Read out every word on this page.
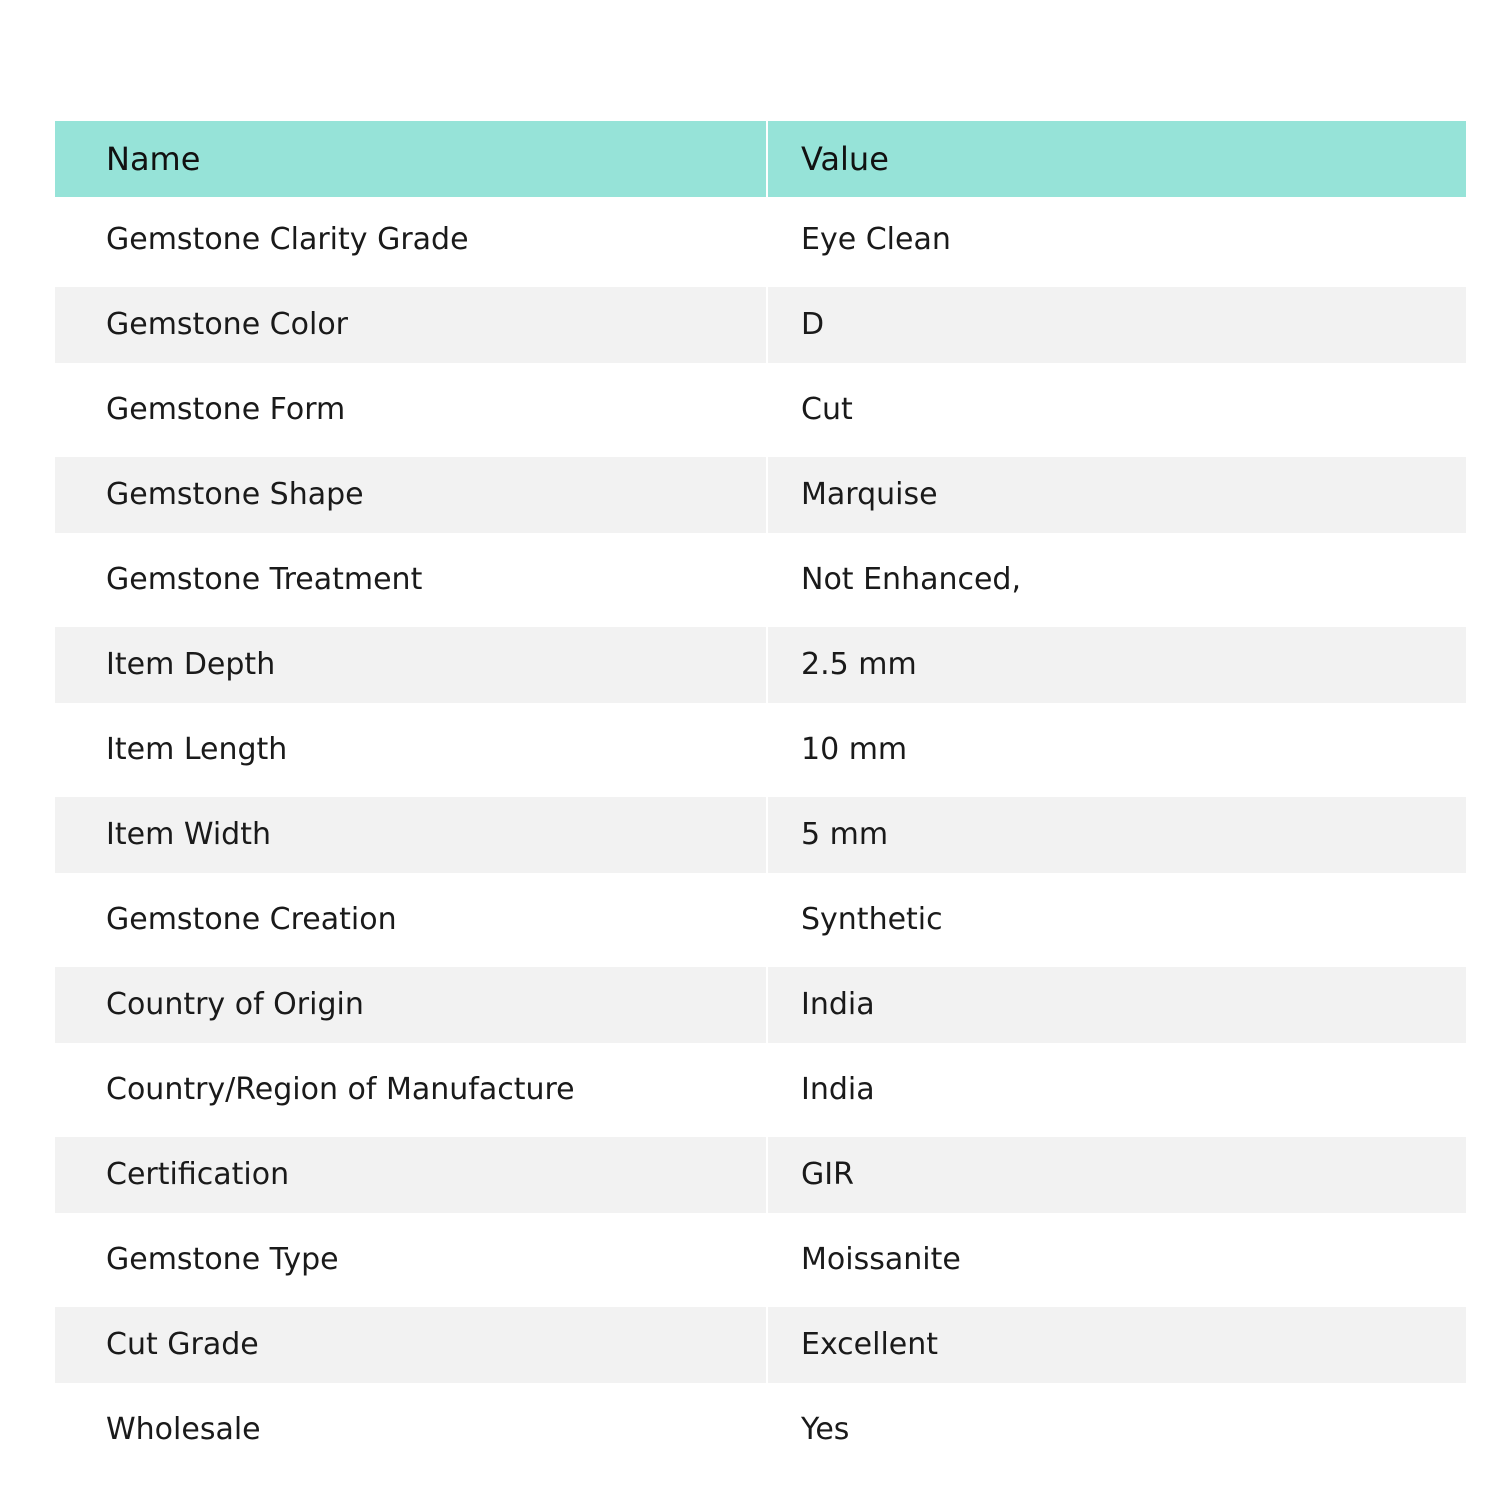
Name	Value
Gemstone Clarity Grade	Eye Clean
Gemstone Color	D
Gemstone Form	Cut
Gemstone Shape	Marquise
Gemstone Treatment	Not Enhanced,
Item Depth	2.5 mm
Item Length	10 mm
Item Width	5 mm
Gemstone Creation	Synthetic
Country of Origin	India
Country/Region of Manufacture	India
Certification	GIR
Gemstone Type	Moissanite
Cut Grade	Excellent
Wholesale	Yes
